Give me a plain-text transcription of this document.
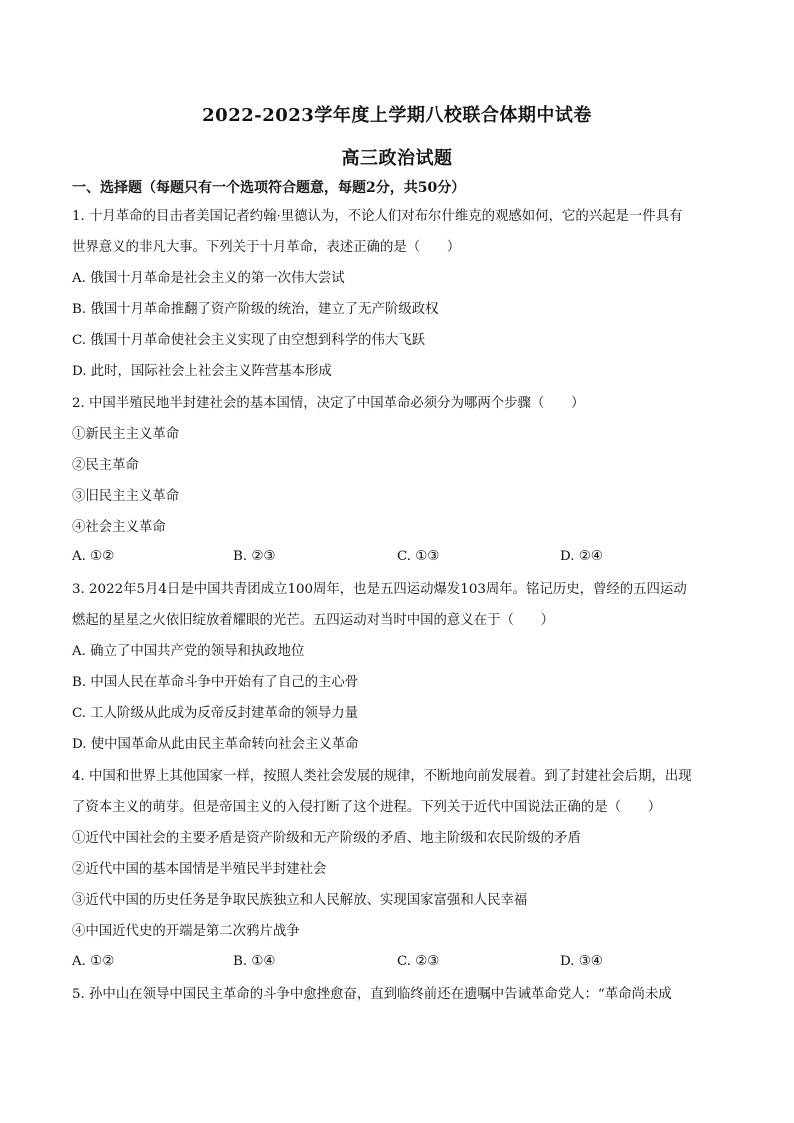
2022-2023学年度上学期八校联合体期中试卷
高三政治试题
一、选择题（每题只有一个选项符合题意，每题2分，共50分）
1. 十月革命的目击者美国记者约翰·里德认为，不论人们对布尔什维克的观感如何，它的兴起是一件具有
世界意义的非凡大事。下列关于十月革命，表述正确的是（　　）
A. 俄国十月革命是社会主义的第一次伟大尝试
B. 俄国十月革命推翻了资产阶级的统治，建立了无产阶级政权
C. 俄国十月革命使社会主义实现了由空想到科学的伟大飞跃
D. 此时，国际社会上社会主义阵营基本形成
2. 中国半殖民地半封建社会的基本国情，决定了中国革命必须分为哪两个步骤（　　）
①新民主主义革命
②民主革命
③旧民主主义革命
④社会主义革命
A. ①②	B. ②③	C. ①③	D. ②④
3. 2022年5月4日是中国共青团成立100周年，也是五四运动爆发103周年。铭记历史，曾经的五四运动
燃起的星星之火依旧绽放着耀眼的光芒。五四运动对当时中国的意义在于（　　）
A. 确立了中国共产党的领导和执政地位
B. 中国人民在革命斗争中开始有了自己的主心骨
C. 工人阶级从此成为反帝反封建革命的领导力量
D. 使中国革命从此由民主革命转向社会主义革命
4. 中国和世界上其他国家一样，按照人类社会发展的规律，不断地向前发展着。到了封建社会后期，出现
了资本主义的萌芽。但是帝国主义的入侵打断了这个进程。下列关于近代中国说法正确的是（　　）
①近代中国社会的主要矛盾是资产阶级和无产阶级的矛盾、地主阶级和农民阶级的矛盾
②近代中国的基本国情是半殖民半封建社会
③近代中国的历史任务是争取民族独立和人民解放、实现国家富强和人民幸福
④中国近代史的开端是第二次鸦片战争
A. ①②	B. ①④	C. ②③	D. ③④
5. 孙中山在领导中国民主革命的斗争中愈挫愈奋，直到临终前还在遗嘱中告诫革命党人：“革命尚未成
